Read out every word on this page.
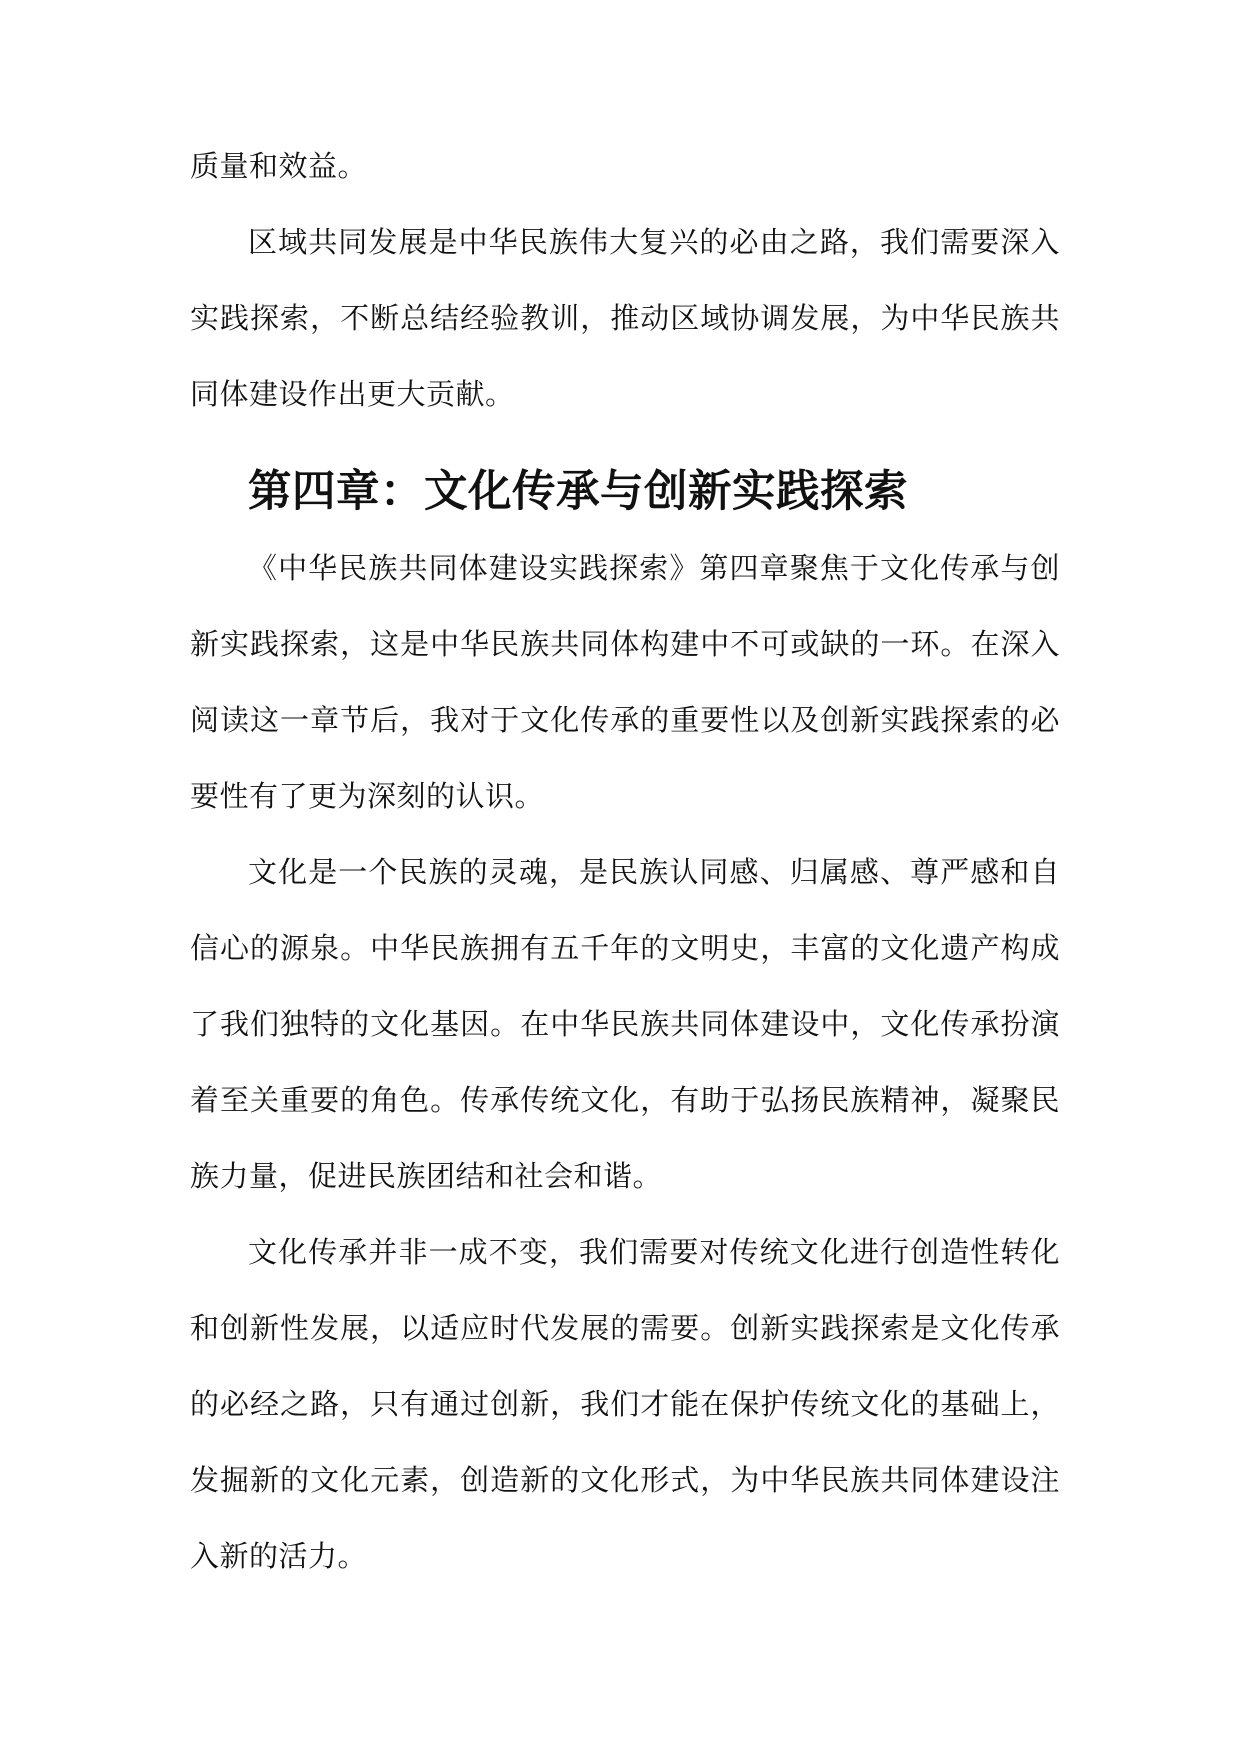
质量和效益。

区域共同发展是中华民族伟大复兴的必由之路，我们需要深入实践探索，不断总结经验教训，推动区域协调发展，为中华民族共同体建设作出更大贡献。

第四章：文化传承与创新实践探索

《中华民族共同体建设实践探索》第四章聚焦于文化传承与创新实践探索，这是中华民族共同体构建中不可或缺的一环。在深入阅读这一章节后，我对于文化传承的重要性以及创新实践探索的必要性有了更为深刻的认识。

文化是一个民族的灵魂，是民族认同感、归属感、尊严感和自信心的源泉。中华民族拥有五千年的文明史，丰富的文化遗产构成了我们独特的文化基因。在中华民族共同体建设中，文化传承扮演着至关重要的角色。传承传统文化，有助于弘扬民族精神，凝聚民族力量，促进民族团结和社会和谐。

文化传承并非一成不变，我们需要对传统文化进行创造性转化和创新性发展，以适应时代发展的需要。创新实践探索是文化传承的必经之路，只有通过创新，我们才能在保护传统文化的基础上，发掘新的文化元素，创造新的文化形式，为中华民族共同体建设注入新的活力。
